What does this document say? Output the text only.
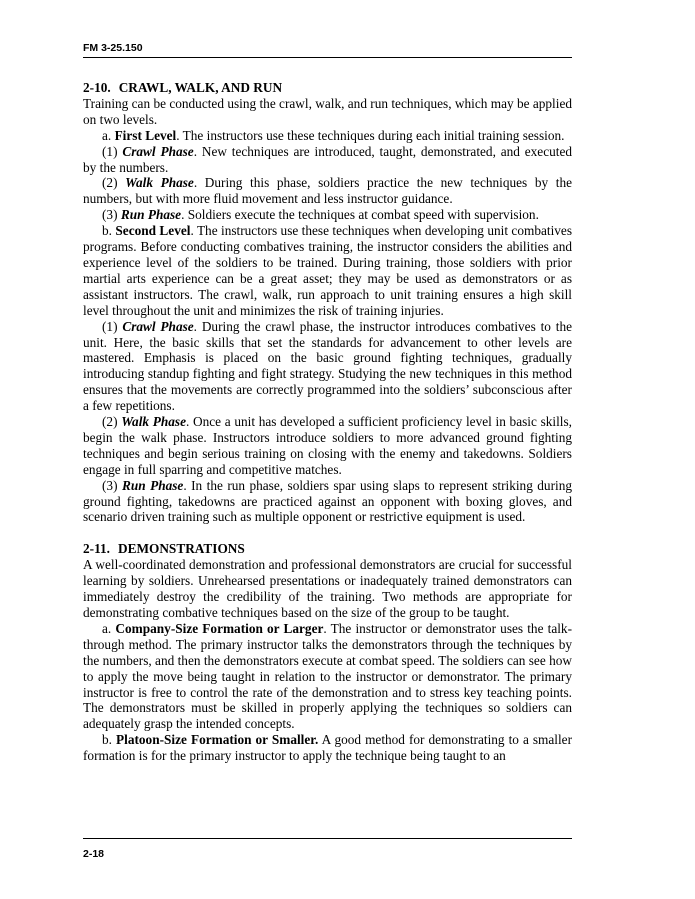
FM 3-25.150
2-10. CRAWL, WALK, AND RUN

Training can be conducted using the crawl, walk, and run techniques, which may be applied on two levels.

a. First Level. The instructors use these techniques during each initial training session.

(1) Crawl Phase. New techniques are introduced, taught, demonstrated, and executed by the numbers.

(2) Walk Phase. During this phase, soldiers practice the new techniques by the numbers, but with more fluid movement and less instructor guidance.

(3) Run Phase. Soldiers execute the techniques at combat speed with supervision.

b. Second Level. The instructors use these techniques when developing unit combatives programs. Before conducting combatives training, the instructor considers the abilities and experience level of the soldiers to be trained. During training, those soldiers with prior martial arts experience can be a great asset; they may be used as demonstrators or as assistant instructors. The crawl, walk, run approach to unit training ensures a high skill level throughout the unit and minimizes the risk of training injuries.

(1) Crawl Phase. During the crawl phase, the instructor introduces combatives to the unit. Here, the basic skills that set the standards for advancement to other levels are mastered. Emphasis is placed on the basic ground fighting techniques, gradually introducing standup fighting and fight strategy. Studying the new techniques in this method ensures that the movements are correctly programmed into the soldiers’ subconscious after a few repetitions.

(2) Walk Phase. Once a unit has developed a sufficient proficiency level in basic skills, begin the walk phase. Instructors introduce soldiers to more advanced ground fighting techniques and begin serious training on closing with the enemy and takedowns. Soldiers engage in full sparring and competitive matches.

(3) Run Phase. In the run phase, soldiers spar using slaps to represent striking during ground fighting, takedowns are practiced against an opponent with boxing gloves, and scenario driven training such as multiple opponent or restrictive equipment is used.

2-11. DEMONSTRATIONS

A well-coordinated demonstration and professional demonstrators are crucial for successful learning by soldiers. Unrehearsed presentations or inadequately trained demonstrators can immediately destroy the credibility of the training. Two methods are appropriate for demonstrating combative techniques based on the size of the group to be taught.

a. Company-Size Formation or Larger. The instructor or demonstrator uses the talk-through method. The primary instructor talks the demonstrators through the techniques by the numbers, and then the demonstrators execute at combat speed. The soldiers can see how to apply the move being taught in relation to the instructor or demonstrator. The primary instructor is free to control the rate of the demonstration and to stress key teaching points. The demonstrators must be skilled in properly applying the techniques so soldiers can adequately grasp the intended concepts.

b. Platoon-Size Formation or Smaller. A good method for demonstrating to a smaller formation is for the primary instructor to apply the technique being taught to an

2-18
